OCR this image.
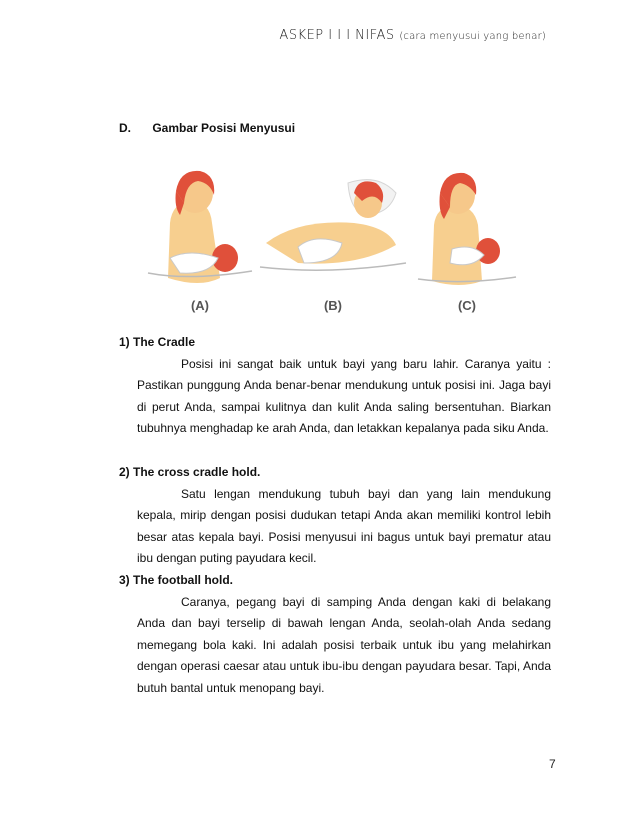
ASKEP I I I NIFAS (cara menyusui yang benar)
D. Gambar Posisi Menyusui
(A)	(B)	(C)
1) The Cradle
Posisi ini sangat baik untuk bayi yang baru lahir. Caranya yaitu : Pastikan punggung Anda benar-benar mendukung untuk posisi ini. Jaga bayi di perut Anda, sampai kulitnya dan kulit Anda saling bersentuhan. Biarkan tubuhnya menghadap ke arah Anda, dan letakkan kepalanya pada siku Anda.
2) The cross cradle hold.
Satu lengan mendukung tubuh bayi dan yang lain mendukung kepala, mirip dengan posisi dudukan tetapi Anda akan memiliki kontrol lebih besar atas kepala bayi. Posisi menyusui ini bagus untuk bayi prematur atau ibu dengan puting payudara kecil.
3) The football hold.
Caranya, pegang bayi di samping Anda dengan kaki di belakang Anda dan bayi terselip di bawah lengan Anda, seolah-olah Anda sedang memegang bola kaki. Ini adalah posisi terbaik untuk ibu yang melahirkan dengan operasi caesar atau untuk ibu-ibu dengan payudara besar. Tapi, Anda butuh bantal untuk menopang bayi.
7
